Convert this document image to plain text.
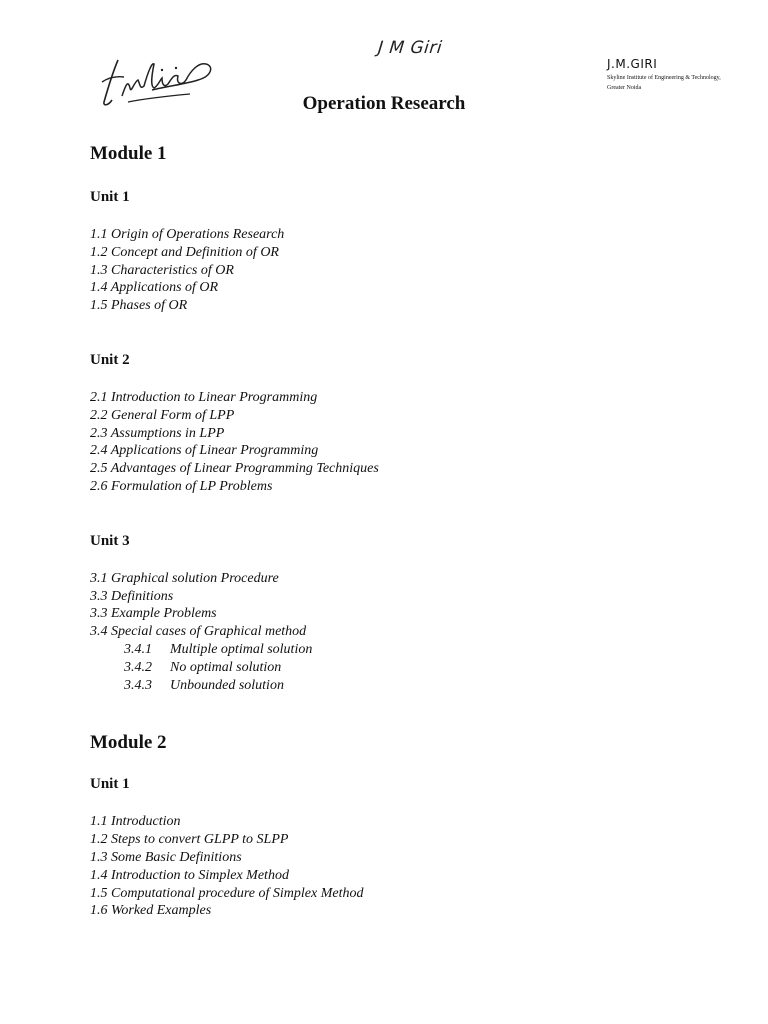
J M Giri
J.M.GIRI
Skyline Institute of Engineering & Technology,
Greater Noida
Operation Research
Module 1
Unit 1
1.1 Origin of Operations Research
1.2 Concept and Definition of OR
1.3 Characteristics of OR
1.4 Applications of OR
1.5 Phases of OR
Unit 2
2.1 Introduction to Linear Programming
2.2 General Form of LPP
2.3 Assumptions in LPP
2.4 Applications of Linear Programming
2.5 Advantages of Linear Programming Techniques
2.6 Formulation of LP Problems
Unit 3
3.1 Graphical solution Procedure
3.3 Definitions
3.3 Example Problems
3.4 Special cases of Graphical method
3.4.1 Multiple optimal solution
3.4.2 No optimal solution
3.4.3 Unbounded solution
Module 2
Unit 1
1.1 Introduction
1.2 Steps to convert GLPP to SLPP
1.3 Some Basic Definitions
1.4 Introduction to Simplex Method
1.5 Computational procedure of Simplex Method
1.6 Worked Examples
